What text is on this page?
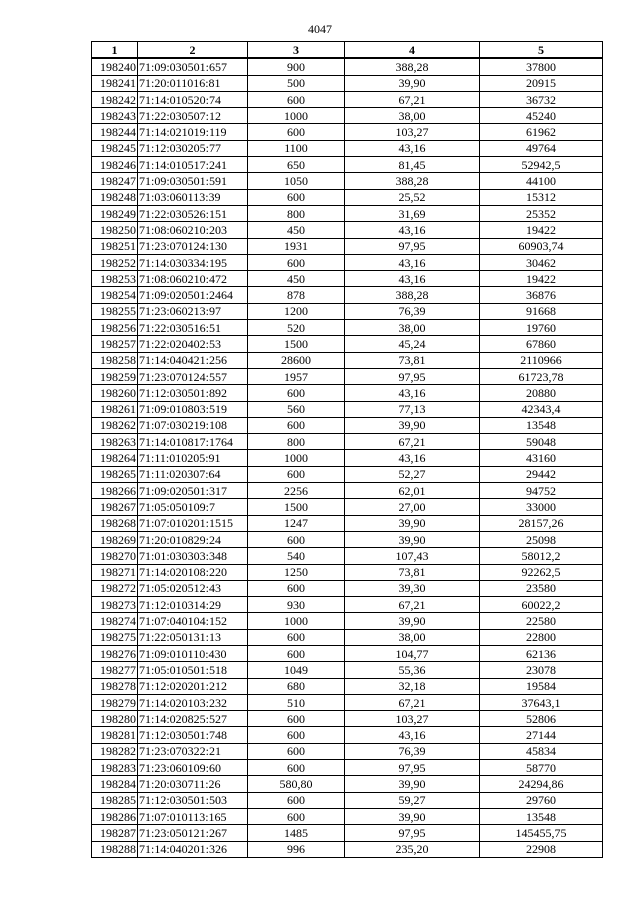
4047
1	2	3	4	5
198240	71:09:030501:657	900	388,28	37800
198241	71:20:011016:81	500	39,90	20915
198242	71:14:010520:74	600	67,21	36732
198243	71:22:030507:12	1000	38,00	45240
198244	71:14:021019:119	600	103,27	61962
198245	71:12:030205:77	1100	43,16	49764
198246	71:14:010517:241	650	81,45	52942,5
198247	71:09:030501:591	1050	388,28	44100
198248	71:03:060113:39	600	25,52	15312
198249	71:22:030526:151	800	31,69	25352
198250	71:08:060210:203	450	43,16	19422
198251	71:23:070124:130	1931	97,95	60903,74
198252	71:14:030334:195	600	43,16	30462
198253	71:08:060210:472	450	43,16	19422
198254	71:09:020501:2464	878	388,28	36876
198255	71:23:060213:97	1200	76,39	91668
198256	71:22:030516:51	520	38,00	19760
198257	71:22:020402:53	1500	45,24	67860
198258	71:14:040421:256	28600	73,81	2110966
198259	71:23:070124:557	1957	97,95	61723,78
198260	71:12:030501:892	600	43,16	20880
198261	71:09:010803:519	560	77,13	42343,4
198262	71:07:030219:108	600	39,90	13548
198263	71:14:010817:1764	800	67,21	59048
198264	71:11:010205:91	1000	43,16	43160
198265	71:11:020307:64	600	52,27	29442
198266	71:09:020501:317	2256	62,01	94752
198267	71:05:050109:7	1500	27,00	33000
198268	71:07:010201:1515	1247	39,90	28157,26
198269	71:20:010829:24	600	39,90	25098
198270	71:01:030303:348	540	107,43	58012,2
198271	71:14:020108:220	1250	73,81	92262,5
198272	71:05:020512:43	600	39,30	23580
198273	71:12:010314:29	930	67,21	60022,2
198274	71:07:040104:152	1000	39,90	22580
198275	71:22:050131:13	600	38,00	22800
198276	71:09:010110:430	600	104,77	62136
198277	71:05:010501:518	1049	55,36	23078
198278	71:12:020201:212	680	32,18	19584
198279	71:14:020103:232	510	67,21	37643,1
198280	71:14:020825:527	600	103,27	52806
198281	71:12:030501:748	600	43,16	27144
198282	71:23:070322:21	600	76,39	45834
198283	71:23:060109:60	600	97,95	58770
198284	71:20:030711:26	580,80	39,90	24294,86
198285	71:12:030501:503	600	59,27	29760
198286	71:07:010113:165	600	39,90	13548
198287	71:23:050121:267	1485	97,95	145455,75
198288	71:14:040201:326	996	235,20	22908
